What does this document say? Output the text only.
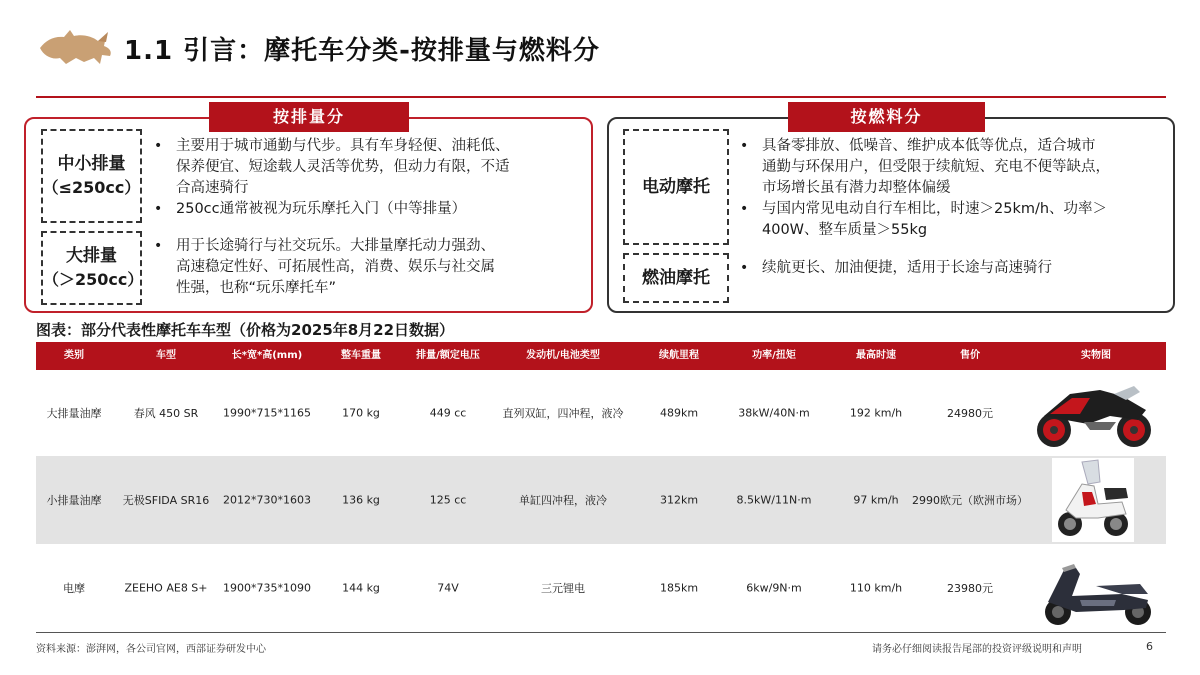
1.1 引言：摩托车分类-按排量与燃料分
按排量分
中小排量
（≤250cc）
• 主要用于城市通勤与代步。具有车身轻便、油耗低、
保养便宜、短途载人灵活等优势，但动力有限，不适
合高速骑行
• 250cc通常被视为玩乐摩托入门（中等排量）
大排量
（＞250cc）
• 用于长途骑行与社交玩乐。大排量摩托动力强劲、
高速稳定性好、可拓展性高，消费、娱乐与社交属
性强，也称“玩乐摩托车”
按燃料分
电动摩托
• 具备零排放、低噪音、维护成本低等优点，适合城市
通勤与环保用户，但受限于续航短、充电不便等缺点，
市场增长虽有潜力却整体偏缓
• 与国内常见电动自行车相比，时速＞25km/h、功率＞
400W、整车质量＞55kg
燃油摩托
•	续航更长、加油便捷，适用于长途与高速骑行
图表：部分代表性摩托车车型（价格为2025年8月22日数据）
类别	车型	长*宽*高(mm)	整车重量	排量/额定电压	发动机/电池类型	续航里程	功率/扭矩	最高时速	售价	实物图
大排量油摩	春风 450 SR 1990*715*1165	170 kg	449 cc	直列双缸，四冲程，液冷	489km	38kW/40N·m	192 km/h	24980元
小排量油摩 无极SFIDA SR16 2012*730*1603	136 kg	125 cc	单缸四冲程，液冷	312km	8.5kW/11N·m	97 km/h 2990欧元（欧洲市场）
电摩	ZEEHO AE8 S+ 1900*735*1090	144 kg	74V	三元锂电	185km	6kw/9N·m	110 km/h	23980元
资料来源：澎湃网，各公司官网，西部证券研发中心	请务必仔细阅读报告尾部的投资评级说明和声明	6
